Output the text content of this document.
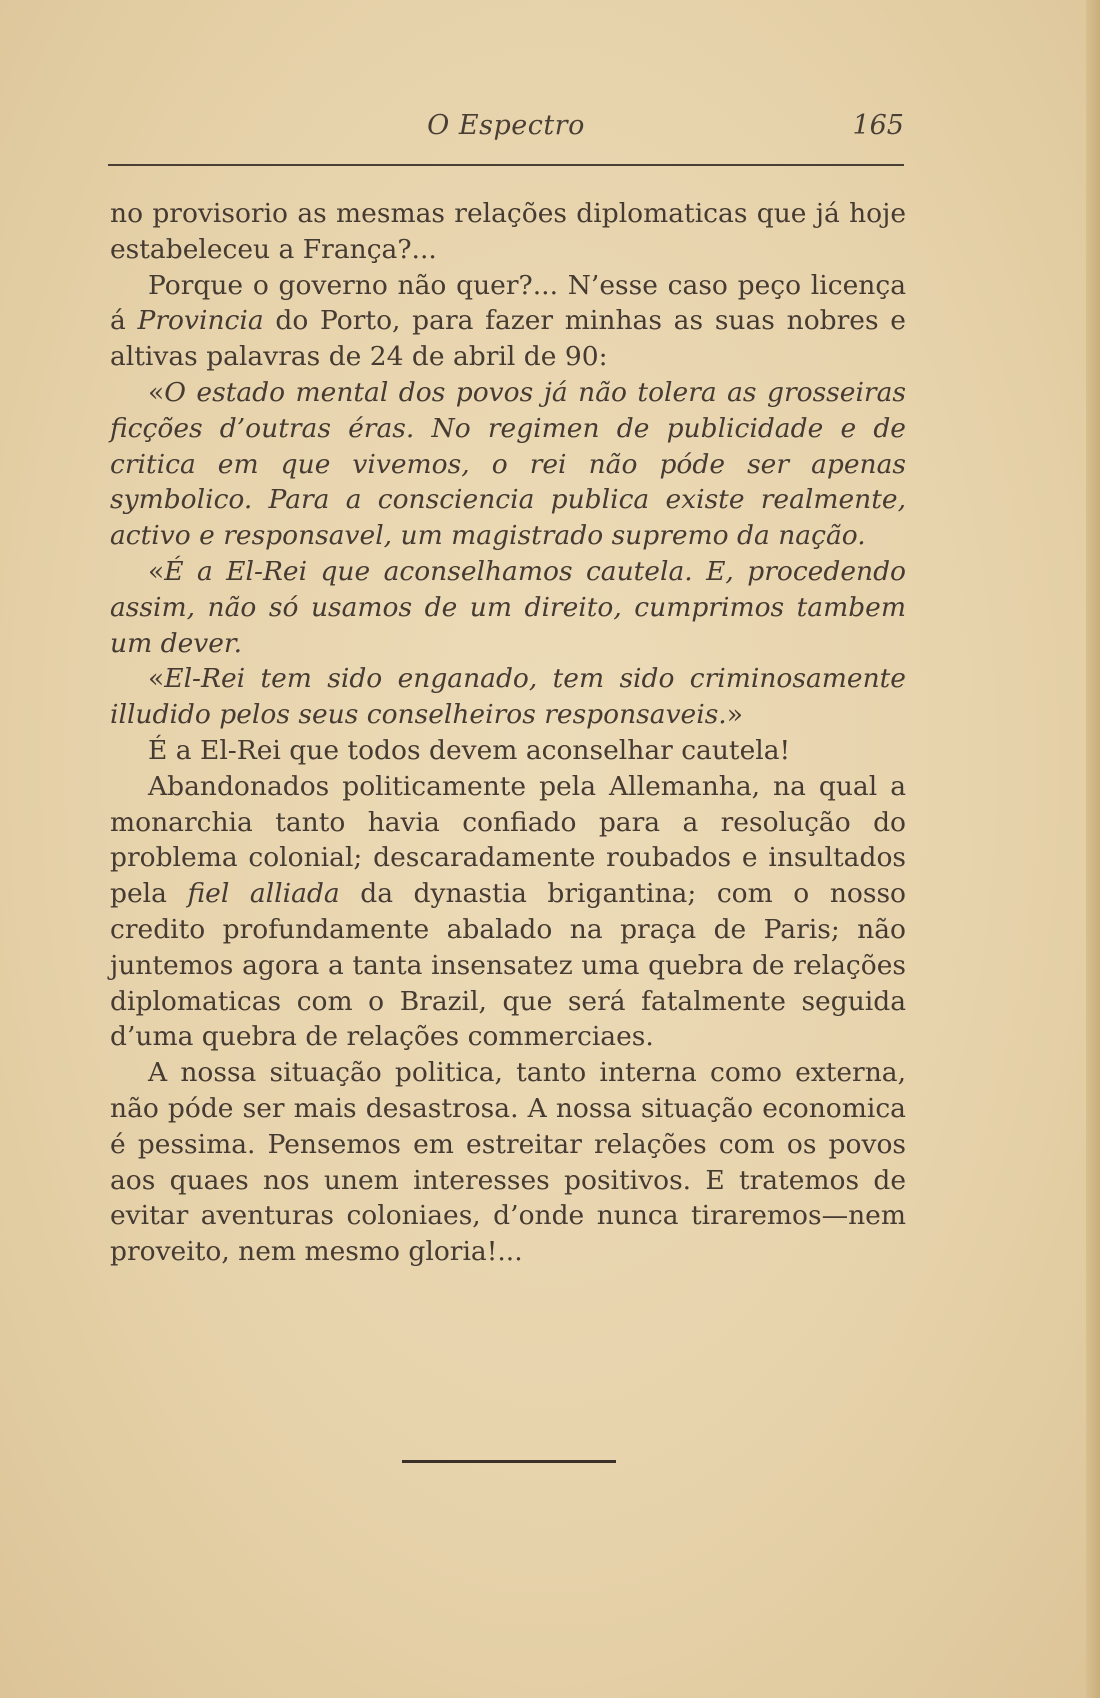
O Espectro	165

no provisorio as mesmas relações diplomaticas que já hoje estabeleceu a França?...

Porque o governo não quer?... N’esse caso peço licença á Provincia do Porto, para fazer minhas as suas nobres e altivas palavras de 24 de abril de 90:

«O estado mental dos povos já não tolera as grosseiras ficções d’outras éras. No regimen de publicidade e de critica em que vivemos, o rei não póde ser apenas symbolico. Para a consciencia publica existe realmente, activo e responsavel, um magistrado supremo da nação.

«É a El-Rei que aconselhamos cautela. E, procedendo assim, não só usamos de um direito, cumprimos tambem um dever.

«El-Rei tem sido enganado, tem sido criminosamente illudido pelos seus conselheiros responsaveis.»

É a El-Rei que todos devem aconselhar cautela!

Abandonados politicamente pela Allemanha, na qual a monarchia tanto havia confiado para a resolução do problema colonial; descaradamente roubados e insultados pela fiel alliada da dynastia brigantina; com o nosso credito profundamente abalado na praça de Paris; não juntemos agora a tanta insensatez uma quebra de relações diplomaticas com o Brazil, que será fatalmente seguida d’uma quebra de relações commerciaes.

A nossa situação politica, tanto interna como externa, não póde ser mais desastrosa. A nossa situação economica é pessima. Pensemos em estreitar relações com os povos aos quaes nos unem interesses positivos. E tratemos de evitar aventuras coloniaes, d’onde nunca tiraremos—nem proveito, nem mesmo gloria!...
